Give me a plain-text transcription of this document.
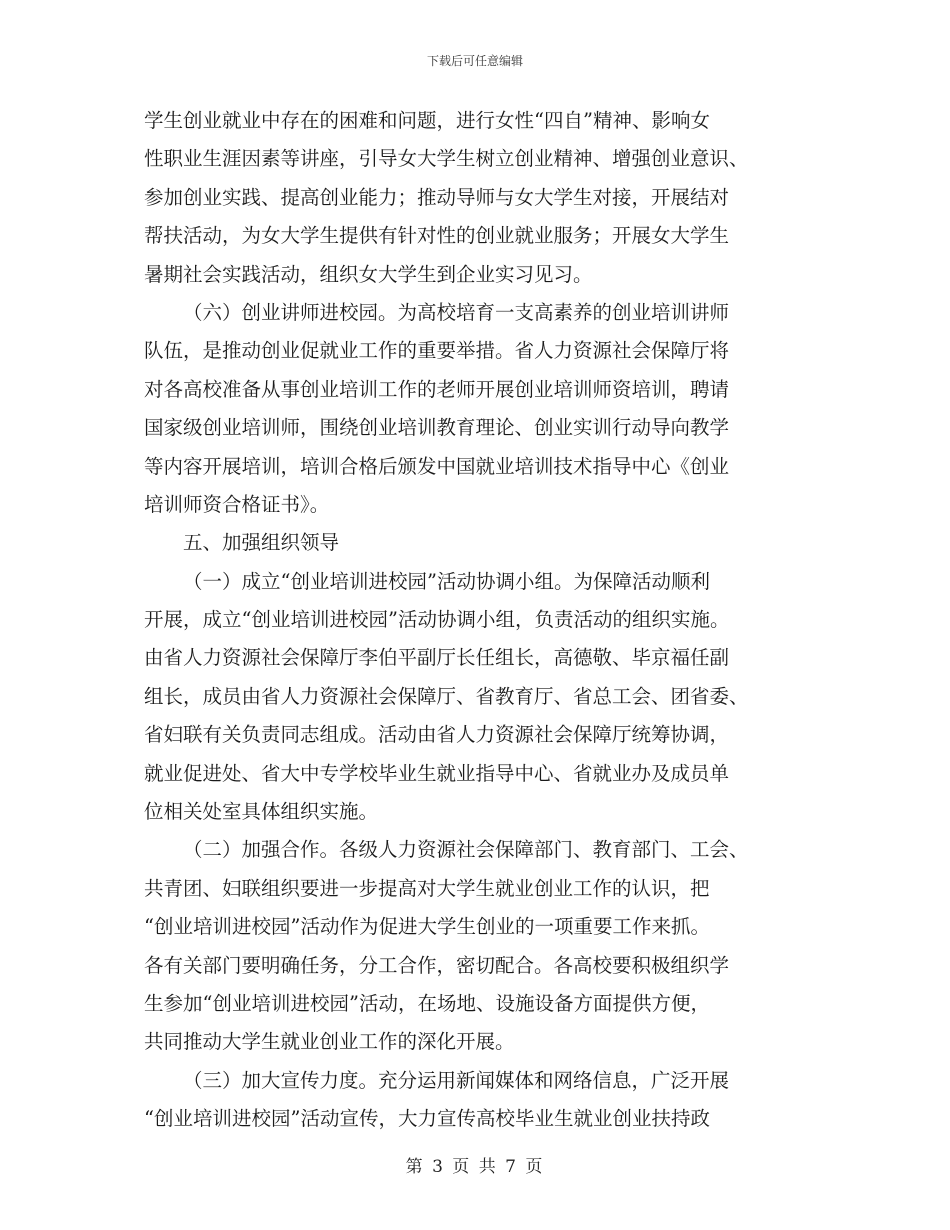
下载后可任意编辑
学生创业就业中存在的困难和问题，进行女性“四自”精神、影响女
性职业生涯因素等讲座，引导女大学生树立创业精神、增强创业意识、
参加创业实践、提高创业能力；推动导师与女大学生对接，开展结对
帮扶活动，为女大学生提供有针对性的创业就业服务；开展女大学生
暑期社会实践活动，组织女大学生到企业实习见习。
（六）创业讲师进校园。为高校培育一支高素养的创业培训讲师
队伍，是推动创业促就业工作的重要举措。省人力资源社会保障厅将
对各高校准备从事创业培训工作的老师开展创业培训师资培训，聘请
国家级创业培训师，围绕创业培训教育理论、创业实训行动导向教学
等内容开展培训，培训合格后颁发中国就业培训技术指导中心《创业
培训师资合格证书》。
五、加强组织领导
（一）成立“创业培训进校园”活动协调小组。为保障活动顺利
开展，成立“创业培训进校园”活动协调小组，负责活动的组织实施。
由省人力资源社会保障厅李伯平副厅长任组长，高德敬、毕京福任副
组长，成员由省人力资源社会保障厅、省教育厅、省总工会、团省委、
省妇联有关负责同志组成。活动由省人力资源社会保障厅统筹协调，
就业促进处、省大中专学校毕业生就业指导中心、省就业办及成员单
位相关处室具体组织实施。
（二）加强合作。各级人力资源社会保障部门、教育部门、工会、
共青团、妇联组织要进一步提高对大学生就业创业工作的认识，把
“创业培训进校园”活动作为促进大学生创业的一项重要工作来抓。
各有关部门要明确任务，分工合作，密切配合。各高校要积极组织学
生参加“创业培训进校园”活动，在场地、设施设备方面提供方便，
共同推动大学生就业创业工作的深化开展。
（三）加大宣传力度。充分运用新闻媒体和网络信息，广泛开展
“创业培训进校园”活动宣传，大力宣传高校毕业生就业创业扶持政
第 3 页 共 7 页
